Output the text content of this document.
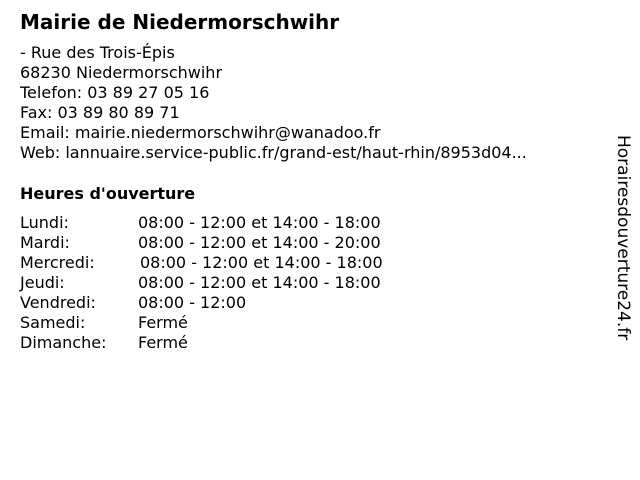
Mairie de Niedermorschwihr
- Rue des Trois-Épis
68230 Niedermorschwihr
Telefon: 03 89 27 05 16
Fax: 03 89 80 89 71
Email: mairie.niedermorschwihr@wanadoo.fr
Web: lannuaire.service-public.fr/grand-est/haut-rhin/8953d04...
Heures d'ouverture
Lundi:	08:00 - 12:00 et 14:00 - 18:00
Mardi:	08:00 - 12:00 et 14:00 - 20:00
Mercredi:	08:00 - 12:00 et 14:00 - 18:00
Jeudi:	08:00 - 12:00 et 14:00 - 18:00
Vendredi:	08:00 - 12:00
Samedi:	Fermé
Dimanche: Fermé
Horairesdouverture24.fr
